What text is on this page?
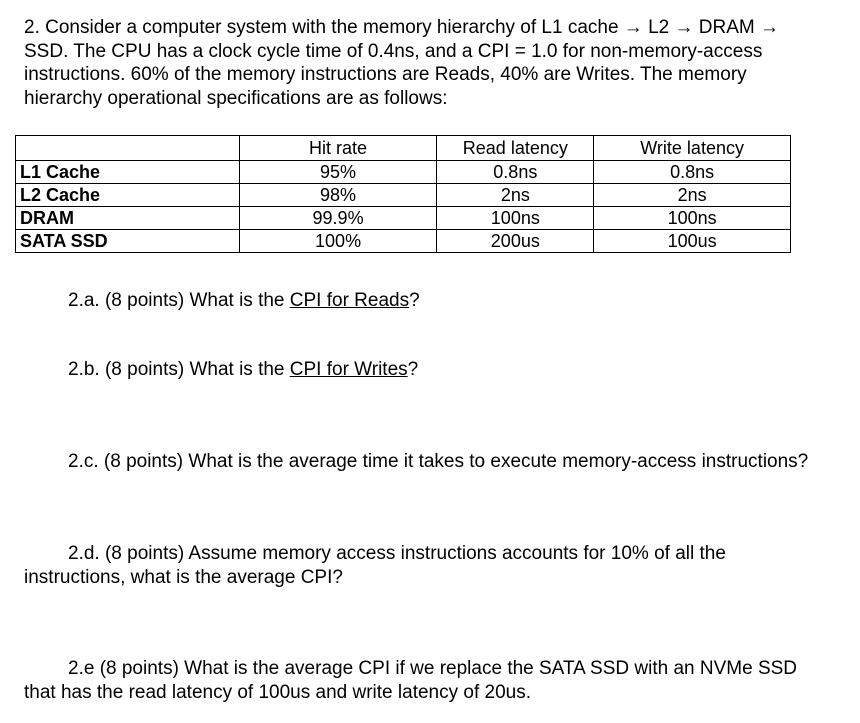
2. Consider a computer system with the memory hierarchy of L1 cache → L2 → DRAM →

SSD. The CPU has a clock cycle time of 0.4ns, and a CPI = 1.0 for non-memory-access

instructions. 60% of the memory instructions are Reads, 40% are Writes. The memory

hierarchy operational specifications are as follows:

	Hit rate	Read latency	Write latency
L1 Cache	95%	0.8ns	0.8ns
L2 Cache	98%	2ns	2ns
DRAM	99.9%	100ns	100ns
SATA SSD	100%	200us	100us
2.a. (8 points) What is the CPI for Reads?
2.b. (8 points) What is the CPI for Writes?
2.c. (8 points) What is the average time it takes to execute memory-access instructions?

2.d. (8 points) Assume memory access instructions accounts for 10% of all the

instructions, what is the average CPI?

2.e (8 points) What is the average CPI if we replace the SATA SSD with an NVMe SSD

that has the read latency of 100us and write latency of 20us.
